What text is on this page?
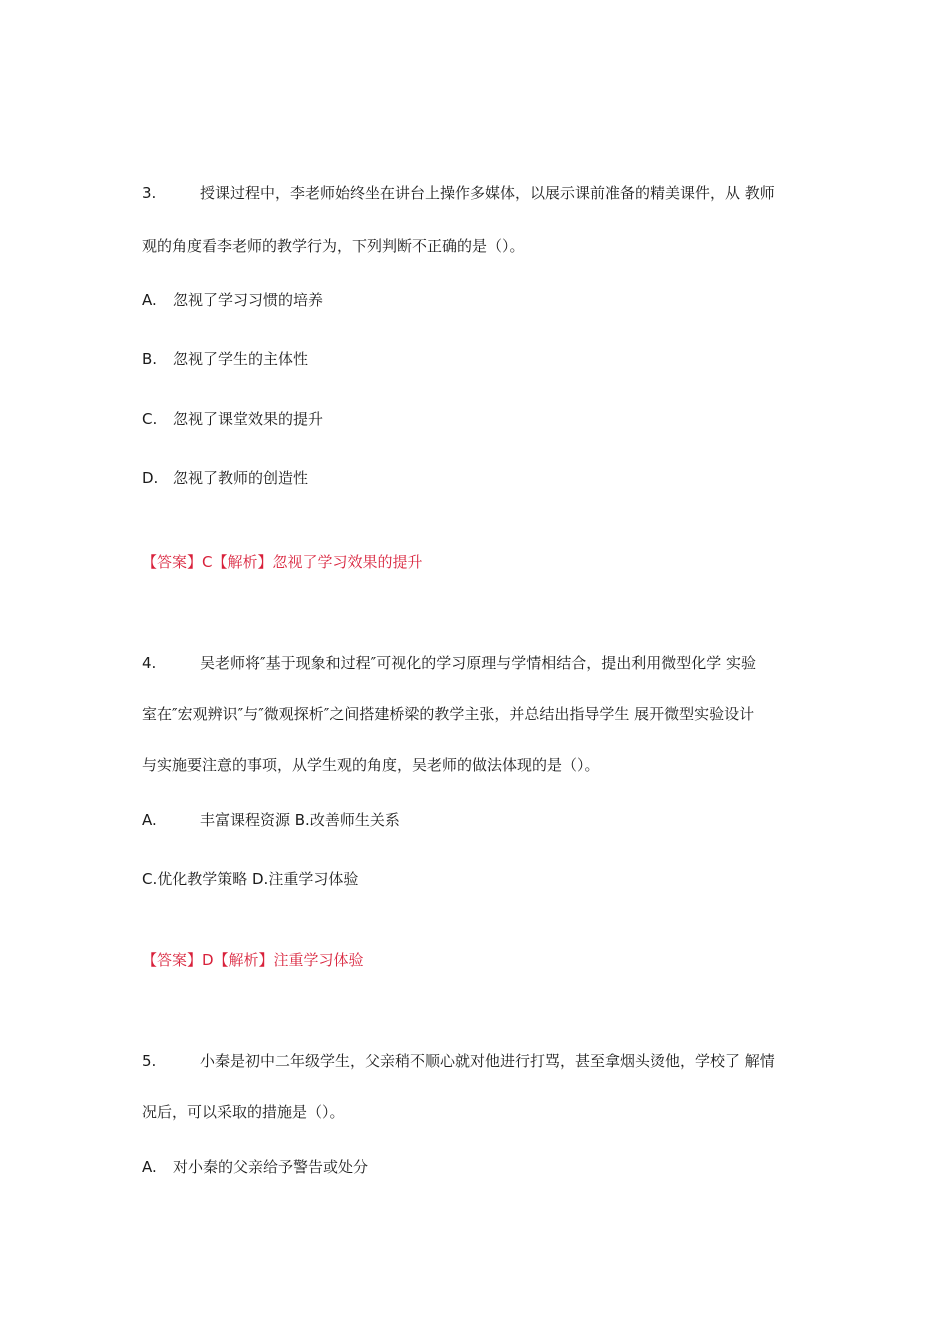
3.	授课过程中，李老师始终坐在讲台上操作多媒体，以展示课前准备的精美课件，从 教师
观的角度看李老师的教学行为，下列判断不正确的是（）。
A. 忽视了学习习惯的培养
B. 忽视了学生的主体性
C. 忽视了课堂效果的提升
D. 忽视了教师的创造性
【答案】C【解析】忽视了学习效果的提升
4.	吴老师将″基于现象和过程″可视化的学习原理与学情相结合，提出利用微型化学 实验
室在″宏观辨识″与″微观探析″之间搭建桥梁的教学主张，并总结出指导学生 展开微型实验设计
与实施要注意的事项，从学生观的角度，吴老师的做法体现的是（）。
A.	丰富课程资源 B.改善师生关系
C.优化教学策略 D.注重学习体验
【答案】D【解析】注重学习体验
5.	小秦是初中二年级学生，父亲稍不顺心就对他进行打骂，甚至拿烟头烫他，学校了 解情
况后，可以采取的措施是（）。
A. 对小秦的父亲给予警告或处分
